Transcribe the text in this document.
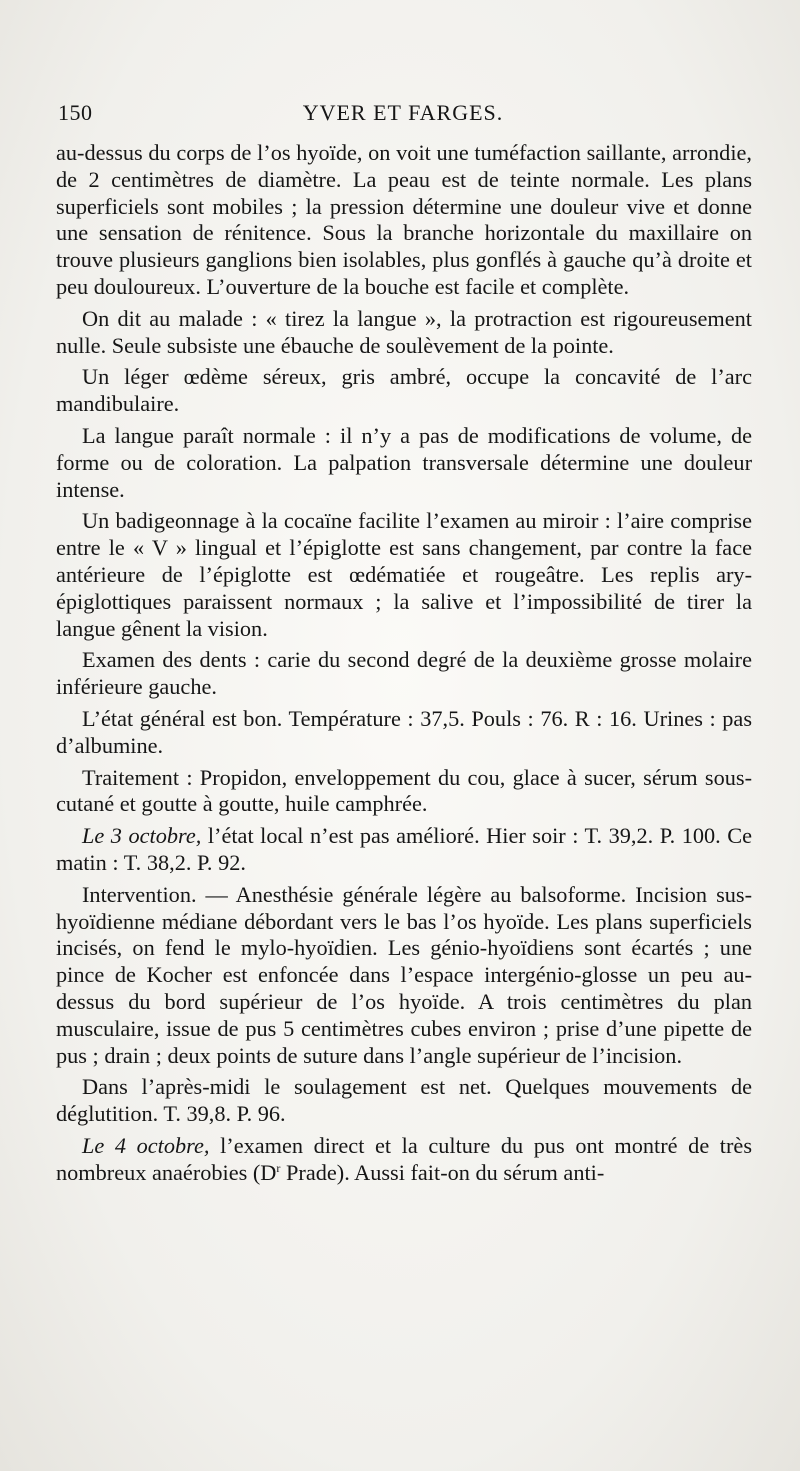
150	YVER ET FARGES.

au-dessus du corps de l’os hyoïde, on voit une tuméfaction saillante, arrondie, de 2 centimètres de diamètre. La peau est de teinte normale. Les plans superficiels sont mobiles ; la pression détermine une douleur vive et donne une sensation de rénitence. Sous la branche horizontale du maxillaire on trouve plusieurs ganglions bien isolables, plus gonflés à gauche qu’à droite et peu douloureux. L’ouverture de la bouche est facile et complète.

On dit au malade : « tirez la langue », la protraction est rigoureusement nulle. Seule subsiste une ébauche de soulèvement de la pointe.

Un léger œdème séreux, gris ambré, occupe la concavité de l’arc mandibulaire.

La langue paraît normale : il n’y a pas de modifications de volume, de forme ou de coloration. La palpation transversale détermine une douleur intense.

Un badigeonnage à la cocaïne facilite l’examen au miroir : l’aire comprise entre le « V » lingual et l’épiglotte est sans changement, par contre la face antérieure de l’épiglotte est œdématiée et rougeâtre. Les replis ary-épiglottiques paraissent normaux ; la salive et l’impossibilité de tirer la langue gênent la vision.

Examen des dents : carie du second degré de la deuxième grosse molaire inférieure gauche.

L’état général est bon. Température : 37,5. Pouls : 76. R : 16. Urines : pas d’albumine.

Traitement : Propidon, enveloppement du cou, glace à sucer, sérum sous-cutané et goutte à goutte, huile camphrée.

Le 3 octobre, l’état local n’est pas amélioré. Hier soir : T. 39,2. P. 100. Ce matin : T. 38,2. P. 92.

Intervention. — Anesthésie générale légère au balsoforme. Incision sus-hyoïdienne médiane débordant vers le bas l’os hyoïde. Les plans superficiels incisés, on fend le mylo-hyoïdien. Les génio-hyoïdiens sont écartés ; une pince de Kocher est enfoncée dans l’espace intergénio-glosse un peu au-dessus du bord supérieur de l’os hyoïde. A trois centimètres du plan musculaire, issue de pus 5 centimètres cubes environ ; prise d’une pipette de pus ; drain ; deux points de suture dans l’angle supérieur de l’incision.

Dans l’après-midi le soulagement est net. Quelques mouvements de déglutition. T. 39,8. P. 96.

Le 4 octobre, l’examen direct et la culture du pus ont montré de très nombreux anaérobies ($D^r$ Prade). Aussi fait-on du sérum anti-
